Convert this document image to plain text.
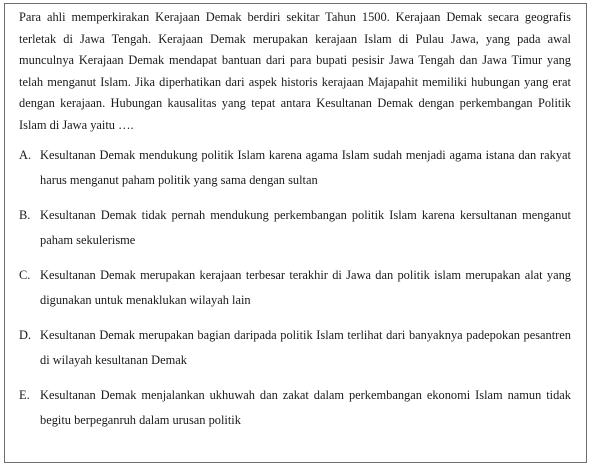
Para ahli memperkirakan Kerajaan Demak berdiri sekitar Tahun 1500. Kerajaan Demak secara geografis terletak di Jawa Tengah. Kerajaan Demak merupakan kerajaan Islam di Pulau Jawa, yang pada awal munculnya Kerajaan Demak mendapat bantuan dari para bupati pesisir Jawa Tengah dan Jawa Timur yang telah menganut Islam. Jika diperhatikan dari aspek historis kerajaan Majapahit memiliki hubungan yang erat dengan kerajaan. Hubungan kausalitas yang tepat antara Kesultanan Demak dengan perkembangan Politik Islam di Jawa yaitu ….

A. Kesultanan Demak mendukung politik Islam karena agama Islam sudah menjadi agama istana dan rakyat harus menganut paham politik yang sama dengan sultan
B. Kesultanan Demak tidak pernah mendukung perkembangan politik Islam karena kersultanan menganut paham sekulerisme
C. Kesultanan Demak merupakan kerajaan terbesar terakhir di Jawa dan politik islam merupakan alat yang digunakan untuk menaklukan wilayah lain
D. Kesultanan Demak merupakan bagian daripada politik Islam terlihat dari banyaknya padepokan pesantren di wilayah kesultanan Demak
E. Kesultanan Demak menjalankan ukhuwah dan zakat dalam perkembangan ekonomi Islam namun tidak begitu berpeganruh dalam urusan politik
